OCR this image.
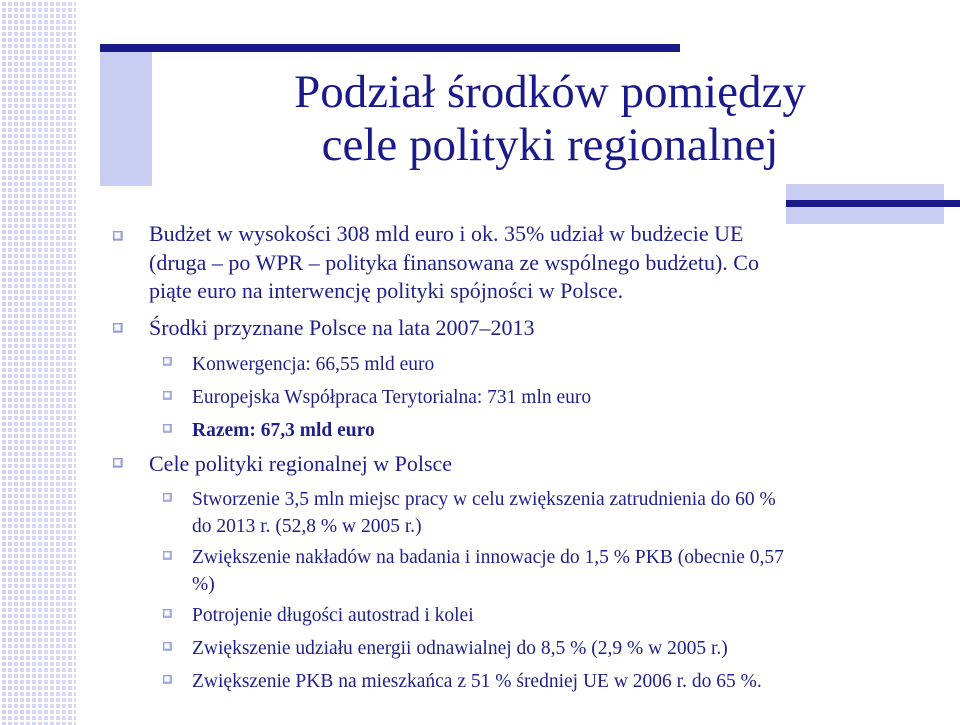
Podział środków pomiędzy
cele polityki regionalnej
Budżet w wysokości 308 mld euro i ok. 35% udział w budżecie UE
(druga – po WPR – polityka finansowana ze wspólnego budżetu). Co
piąte euro na interwencję polityki spójności w Polsce.
Środki przyznane Polsce na lata 2007–2013
Konwergencja: 66,55 mld euro
Europejska Współpraca Terytorialna: 731 mln euro
Razem: 67,3 mld euro
Cele polityki regionalnej w Polsce
Stworzenie 3,5 mln miejsc pracy w celu zwiększenia zatrudnienia do 60 %
do 2013 r. (52,8 % w 2005 r.)
Zwiększenie nakładów na badania i innowacje do 1,5 % PKB (obecnie 0,57
%)
Potrojenie długości autostrad i kolei
Zwiększenie udziału energii odnawialnej do 8,5 % (2,9 % w 2005 r.)
Zwiększenie PKB na mieszkańca z 51 % średniej UE w 2006 r. do 65 %.
